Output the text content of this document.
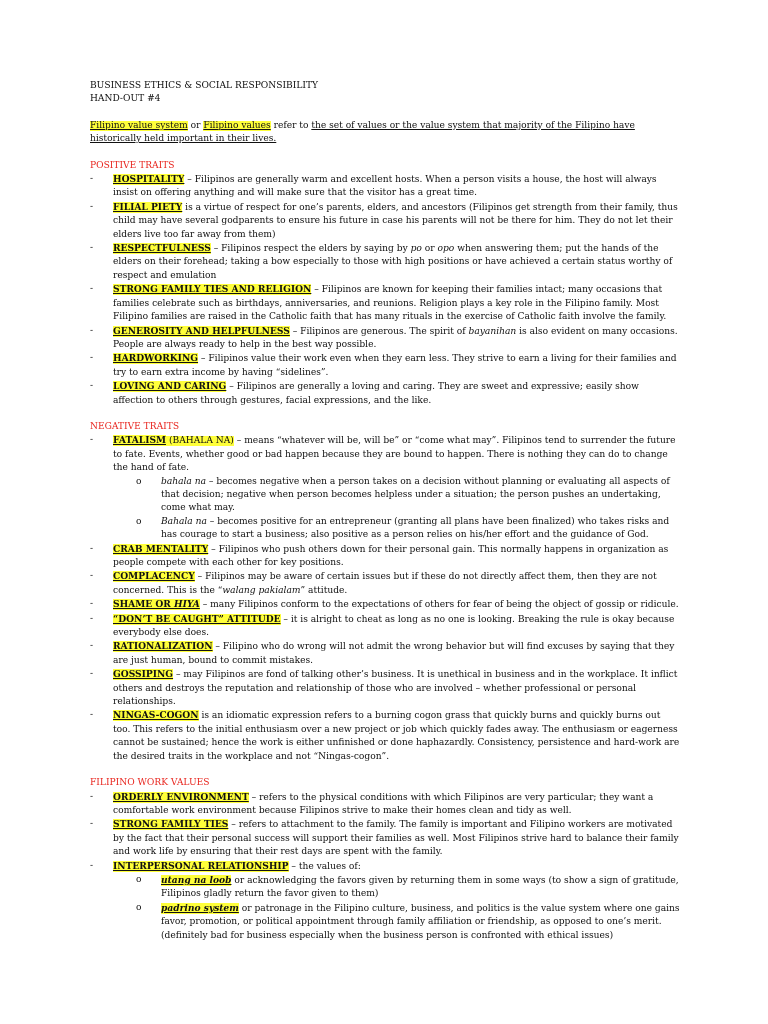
BUSINESS ETHICS & SOCIAL RESPONSIBILITY
HAND-OUT #4
Filipino value system or Filipino values refer to the set of values or the value system that majority of the Filipino have historically held important in their lives.
POSITIVE TRAITS
- HOSPITALITY – Filipinos are generally warm and excellent hosts. When a person visits a house, the host will always insist on offering anything and will make sure that the visitor has a great time.
- FILIAL PIETY is a virtue of respect for one’s parents, elders, and ancestors (Filipinos get strength from their family, thus child may have several godparents to ensure his future in case his parents will not be there for him. They do not let their elders live too far away from them)
- RESPECTFULNESS – Filipinos respect the elders by saying by po or opo when answering them; put the hands of the elders on their forehead; taking a bow especially to those with high positions or have achieved a certain status worthy of respect and emulation
- STRONG FAMILY TIES AND RELIGION – Filipinos are known for keeping their families intact; many occasions that families celebrate such as birthdays, anniversaries, and reunions. Religion plays a key role in the Filipino family. Most Filipino families are raised in the Catholic faith that has many rituals in the exercise of Catholic faith involve the family.
- GENEROSITY AND HELPFULNESS – Filipinos are generous. The spirit of bayanihan is also evident on many occasions. People are always ready to help in the best way possible.
- HARDWORKING – Filipinos value their work even when they earn less. They strive to earn a living for their families and try to earn extra income by having “sidelines”.
- LOVING AND CARING – Filipinos are generally a loving and caring. They are sweet and expressive; easily show affection to others through gestures, facial expressions, and the like.
NEGATIVE TRAITS
- FATALISM (BAHALA NA) – means “whatever will be, will be” or “come what may”. Filipinos tend to surrender the future to fate. Events, whether good or bad happen because they are bound to happen. There is nothing they can do to change the hand of fate.
o bahala na – becomes negative when a person takes on a decision without planning or evaluating all aspects of that decision; negative when person becomes helpless under a situation; the person pushes an undertaking, come what may.
o Bahala na – becomes positive for an entrepreneur (granting all plans have been finalized) who takes risks and has courage to start a business; also positive as a person relies on his/her effort and the guidance of God.
- CRAB MENTALITY – Filipinos who push others down for their personal gain. This normally happens in organization as people compete with each other for key positions.
- COMPLACENCY – Filipinos may be aware of certain issues but if these do not directly affect them, then they are not concerned. This is the “walang pakialam” attitude.
- SHAME OR HIYA – many Filipinos conform to the expectations of others for fear of being the object of gossip or ridicule.
- “DON’T BE CAUGHT” ATTITUDE – it is alright to cheat as long as no one is looking. Breaking the rule is okay because everybody else does.
- RATIONALIZATION – Filipino who do wrong will not admit the wrong behavior but will find excuses by saying that they are just human, bound to commit mistakes.
- GOSSIPING – may Filipinos are fond of talking other’s business. It is unethical in business and in the workplace. It inflict others and destroys the reputation and relationship of those who are involved – whether professional or personal relationships.
- NINGAS-COGON is an idiomatic expression refers to a burning cogon grass that quickly burns and quickly burns out too. This refers to the initial enthusiasm over a new project or job which quickly fades away. The enthusiasm or eagerness cannot be sustained; hence the work is either unfinished or done haphazardly. Consistency, persistence and hard-work are the desired traits in the workplace and not “Ningas-cogon”.
FILIPINO WORK VALUES
- ORDERLY ENVIRONMENT – refers to the physical conditions with which Filipinos are very particular; they want a comfortable work environment because Filipinos strive to make their homes clean and tidy as well.
- STRONG FAMILY TIES – refers to attachment to the family. The family is important and Filipino workers are motivated by the fact that their personal success will support their families as well. Most Filipinos strive hard to balance their family and work life by ensuring that their rest days are spent with the family.
- INTERPERSONAL RELATIONSHIP – the values of:
o utang na loob or acknowledging the favors given by returning them in some ways (to show a sign of gratitude, Filipinos gladly return the favor given to them)
o padrino system or patronage in the Filipino culture, business, and politics is the value system where one gains favor, promotion, or political appointment through family affiliation or friendship, as opposed to one’s merit. (definitely bad for business especially when the business person is confronted with ethical issues)
